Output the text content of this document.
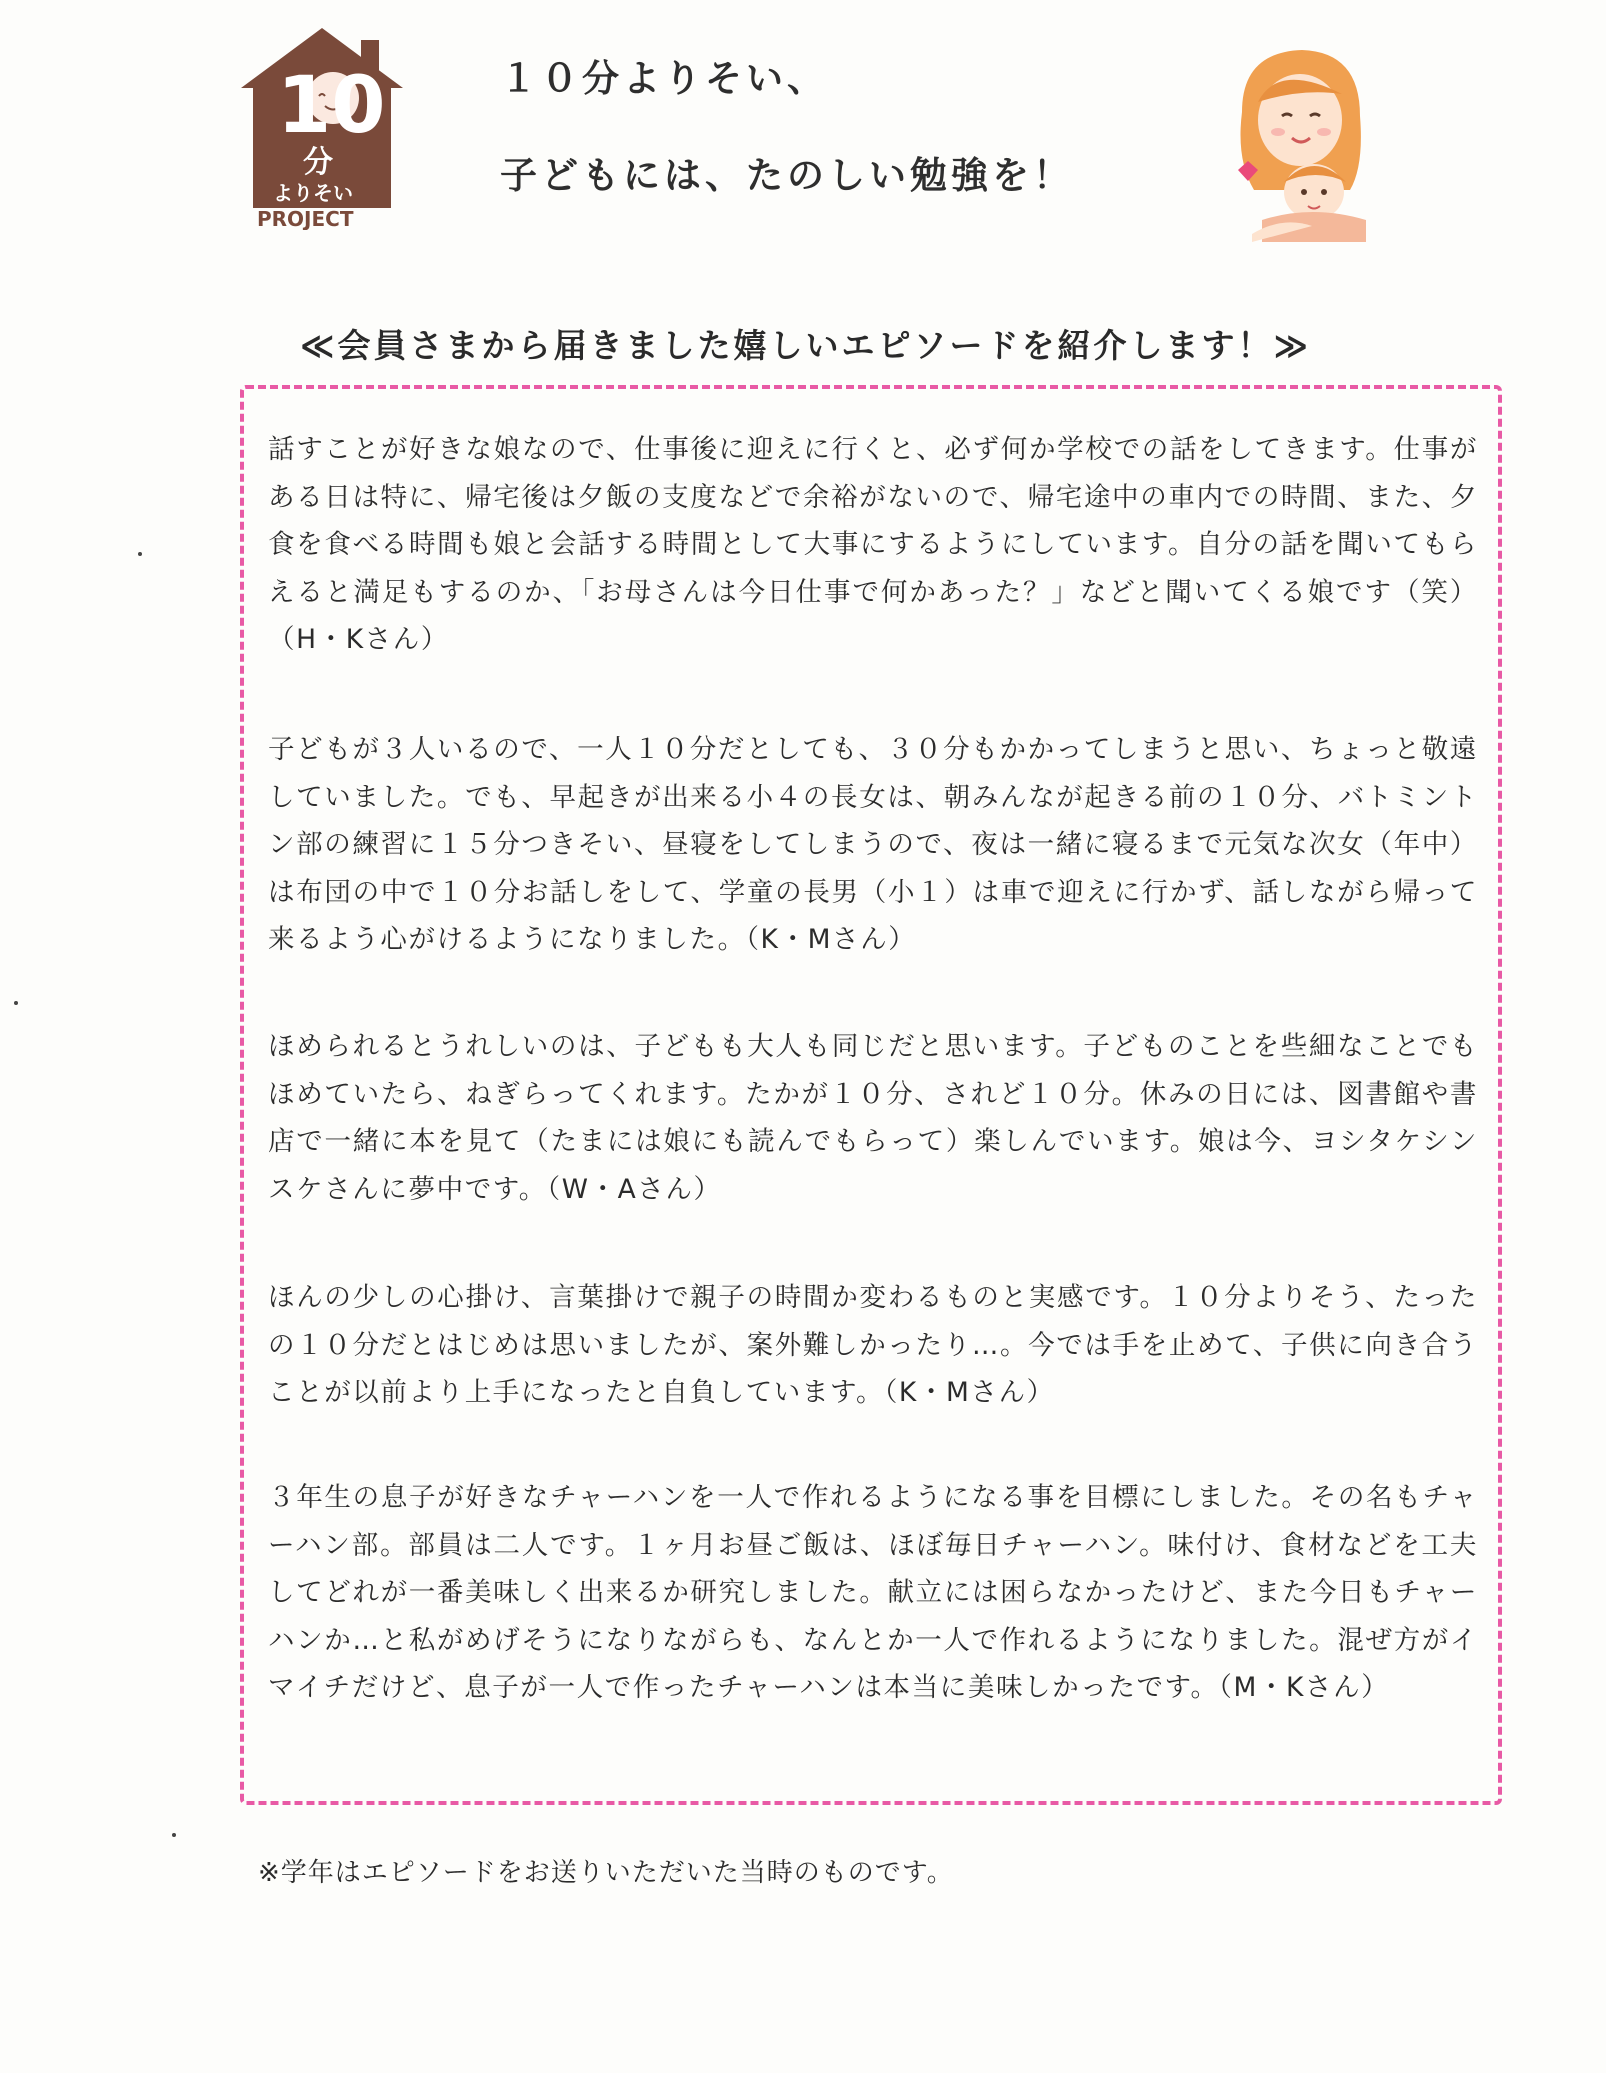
10
分
よりそい
PROJECT
１０分よりそい、
子どもには、たのしい勉強を！
≪会員さまから届きました嬉しいエピソードを紹介します！≫

話すことが好きな娘なので、仕事後に迎えに行くと、必ず何か学校での話をしてきます。仕事がある日は特に、帰宅後は夕飯の支度などで余裕がないので、帰宅途中の車内での時間、また、夕食を食べる時間も娘と会話する時間として大事にするようにしています。自分の話を聞いてもらえると満足もするのか、「お母さんは今日仕事で何かあった？」などと聞いてくる娘です（笑）（H・Kさん）

子どもが３人いるので、一人１０分だとしても、３０分もかかってしまうと思い、ちょっと敬遠していました。でも、早起きが出来る小４の長女は、朝みんなが起きる前の１０分、バトミントン部の練習に１５分つきそい、昼寝をしてしまうので、夜は一緒に寝るまで元気な次女（年中）は布団の中で１０分お話しをして、学童の長男（小１）は車で迎えに行かず、話しながら帰って来るよう心がけるようになりました。（K・Mさん）

ほめられるとうれしいのは、子どもも大人も同じだと思います。子どものことを些細なことでもほめていたら、ねぎらってくれます。たかが１０分、されど１０分。休みの日には、図書館や書店で一緒に本を見て（たまには娘にも読んでもらって）楽しんでいます。娘は今、ヨシタケシンスケさんに夢中です。（W・Aさん）

ほんの少しの心掛け、言葉掛けで親子の時間か変わるものと実感です。１０分よりそう、たったの１０分だとはじめは思いましたが、案外難しかったり…。今では手を止めて、子供に向き合うことが以前より上手になったと自負しています。（K・Mさん）

３年生の息子が好きなチャーハンを一人で作れるようになる事を目標にしました。その名もチャーハン部。部員は二人です。１ヶ月お昼ご飯は、ほぼ毎日チャーハン。味付け、食材などを工夫してどれが一番美味しく出来るか研究しました。献立には困らなかったけど、また今日もチャーハンか…と私がめげそうになりながらも、なんとか一人で作れるようになりました。混ぜ方がイマイチだけど、息子が一人で作ったチャーハンは本当に美味しかったです。（M・Kさん）

※学年はエピソードをお送りいただいた当時のものです。
